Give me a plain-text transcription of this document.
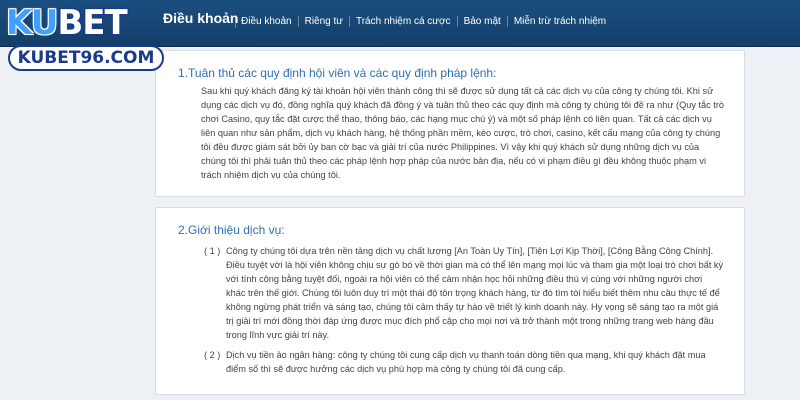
Điều khoản Điều khoản	Riêng tư	Trách nhiệm cá cược	Bảo mật	Miễn trừ trách nhiệm
KUBET
KUBET96.COM
1.Tuân thủ các quy định hội viên và các quy định pháp lệnh:

Sau khi quý khách đăng ký tài khoản hội viên thành công thì sẽ được sử dụng tất cả các dịch vụ của công ty chúng tôi. Khi sử dụng các dịch vụ đó, đồng nghĩa quý khách đã đồng ý và tuân thủ theo các quy định mà công ty chúng tôi đề ra như (Quy tắc trò chơi Casino, quy tắc đặt cược thể thao, thông báo, các hạng mục chú ý) và một số pháp lệnh có liên quan. Tất cả các dịch vụ liên quan như sản phẩm, dịch vụ khách hàng, hệ thống phần mềm, kèo cược, trò chơi, casino, kết cấu mạng của công ty chúng tôi đều được giám sát bởi ủy ban cờ bạc và giải trí của nước Philippines. Vì vậy khi quý khách sử dụng những dịch vụ của chúng tôi thì phải tuân thủ theo các pháp lệnh hợp pháp của nước bản địa, nếu có vi phạm điều gì đều không thuộc phạm vi trách nhiệm dịch vụ của chúng tôi.

2.Giới thiệu dịch vụ:
( 1 ) Công ty chúng tôi dựa trên nền tảng dịch vụ chất lượng [An Toàn Uy Tín], [Tiện Lợi Kịp Thời], [Công Bằng Công Chính]. Điều tuyệt vời là hội viên không chịu sự gò bó về thời gian mà có thể lên mạng mọi lúc và tham gia một loại trò chơi bất kỳ với tính công bằng tuyệt đối, ngoài ra hội viên có thể cảm nhận học hỏi những điều thú vị cùng với những người chơi khác trên thế giới. Chúng tôi luôn duy trì một thái độ tôn trọng khách hàng, từ đó tìm tòi hiểu biết thêm nhu cầu thực tế để không ngừng phát triển và sáng tạo, chúng tôi cảm thấy tự hào về triết lý kinh doanh này. Hy vọng sẽ sáng tạo ra một giá trị giải trí mới đồng thời đáp ứng được mục đích phổ cập cho mọi nơi và trở thành một trong những trang web hàng đầu trong lĩnh vực giải trí này.
( 2 ) Dịch vụ tiền ảo ngân hàng: công ty chúng tôi cung cấp dịch vụ thanh toán dòng tiền qua mạng, khi quý khách đặt mua điểm số thì sẽ được hưởng các dịch vụ phù hợp mà công ty chúng tôi đã cung cấp.
